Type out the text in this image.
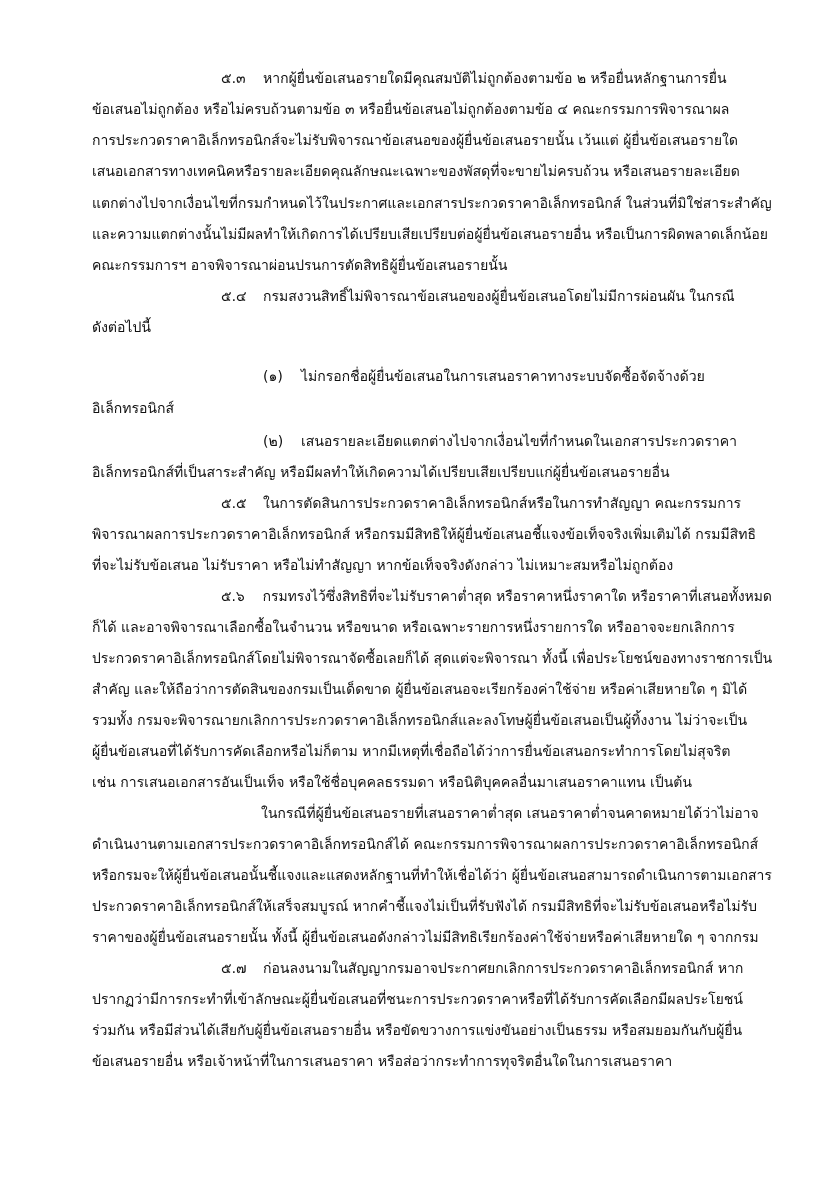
๕.๓ หากผู้ยื่นข้อเสนอรายใดมีคุณสมบัติไม่ถูกต้องตามข้อ ๒ หรือยื่นหลักฐานการยื่น
ข้อเสนอไม่ถูกต้อง หรือไม่ครบถ้วนตามข้อ ๓ หรือยื่นข้อเสนอไม่ถูกต้องตามข้อ ๔ คณะกรรมการพิจารณาผล
การประกวดราคาอิเล็กทรอนิกส์จะไม่รับพิจารณาข้อเสนอของผู้ยื่นข้อเสนอรายนั้น เว้นแต่ ผู้ยื่นข้อเสนอรายใด
เสนอเอกสารทางเทคนิคหรือรายละเอียดคุณลักษณะเฉพาะของพัสดุที่จะขายไม่ครบถ้วน หรือเสนอรายละเอียด
แตกต่างไปจากเงื่อนไขที่กรมกำหนดไว้ในประกาศและเอกสารประกวดราคาอิเล็กทรอนิกส์ ในส่วนที่มิใช่สาระสำคัญ
และความแตกต่างนั้นไม่มีผลทำให้เกิดการได้เปรียบเสียเปรียบต่อผู้ยื่นข้อเสนอรายอื่น หรือเป็นการผิดพลาดเล็กน้อย
คณะกรรมการฯ อาจพิจารณาผ่อนปรนการตัดสิทธิผู้ยื่นข้อเสนอรายนั้น
๕.๔ กรมสงวนสิทธิ์ไม่พิจารณาข้อเสนอของผู้ยื่นข้อเสนอโดยไม่มีการผ่อนผัน ในกรณี
ดังต่อไปนี้
(๑) ไม่กรอกชื่อผู้ยื่นข้อเสนอในการเสนอราคาทางระบบจัดซื้อจัดจ้างด้วย
อิเล็กทรอนิกส์
(๒) เสนอรายละเอียดแตกต่างไปจากเงื่อนไขที่กำหนดในเอกสารประกวดราคา
อิเล็กทรอนิกส์ที่เป็นสาระสำคัญ หรือมีผลทำให้เกิดความได้เปรียบเสียเปรียบแก่ผู้ยื่นข้อเสนอรายอื่น
๕.๕ ในการตัดสินการประกวดราคาอิเล็กทรอนิกส์หรือในการทำสัญญา คณะกรรมการ
พิจารณาผลการประกวดราคาอิเล็กทรอนิกส์ หรือกรมมีสิทธิให้ผู้ยื่นข้อเสนอชี้แจงข้อเท็จจริงเพิ่มเติมได้ กรมมีสิทธิ
ที่จะไม่รับข้อเสนอ ไม่รับราคา หรือไม่ทำสัญญา หากข้อเท็จจริงดังกล่าว ไม่เหมาะสมหรือไม่ถูกต้อง
๕.๖ กรมทรงไว้ซึ่งสิทธิที่จะไม่รับราคาต่ำสุด หรือราคาหนึ่งราคาใด หรือราคาที่เสนอทั้งหมด
ก็ได้ และอาจพิจารณาเลือกซื้อในจำนวน หรือขนาด หรือเฉพาะรายการหนึ่งรายการใด หรืออาจจะยกเลิกการ
ประกวดราคาอิเล็กทรอนิกส์โดยไม่พิจารณาจัดซื้อเลยก็ได้ สุดแต่จะพิจารณา ทั้งนี้ เพื่อประโยชน์ของทางราชการเป็น
สำคัญ และให้ถือว่าการตัดสินของกรมเป็นเด็ดขาด ผู้ยื่นข้อเสนอจะเรียกร้องค่าใช้จ่าย หรือค่าเสียหายใด ๆ มิได้
รวมทั้ง กรมจะพิจารณายกเลิกการประกวดราคาอิเล็กทรอนิกส์และลงโทษผู้ยื่นข้อเสนอเป็นผู้ทิ้งงาน ไม่ว่าจะเป็น
ผู้ยื่นข้อเสนอที่ได้รับการคัดเลือกหรือไม่ก็ตาม หากมีเหตุที่เชื่อถือได้ว่าการยื่นข้อเสนอกระทำการโดยไม่สุจริต
เช่น การเสนอเอกสารอันเป็นเท็จ หรือใช้ชื่อบุคคลธรรมดา หรือนิติบุคคลอื่นมาเสนอราคาแทน เป็นต้น
ในกรณีที่ผู้ยื่นข้อเสนอรายที่เสนอราคาต่ำสุด เสนอราคาต่ำจนคาดหมายได้ว่าไม่อาจ
ดำเนินงานตามเอกสารประกวดราคาอิเล็กทรอนิกส์ได้ คณะกรรมการพิจารณาผลการประกวดราคาอิเล็กทรอนิกส์
หรือกรมจะให้ผู้ยื่นข้อเสนอนั้นชี้แจงและแสดงหลักฐานที่ทำให้เชื่อได้ว่า ผู้ยื่นข้อเสนอสามารถดำเนินการตามเอกสาร
ประกวดราคาอิเล็กทรอนิกส์ให้เสร็จสมบูรณ์ หากคำชี้แจงไม่เป็นที่รับฟังได้ กรมมีสิทธิที่จะไม่รับข้อเสนอหรือไม่รับ
ราคาของผู้ยื่นข้อเสนอรายนั้น ทั้งนี้ ผู้ยื่นข้อเสนอดังกล่าวไม่มีสิทธิเรียกร้องค่าใช้จ่ายหรือค่าเสียหายใด ๆ จากกรม
๕.๗ ก่อนลงนามในสัญญากรมอาจประกาศยกเลิกการประกวดราคาอิเล็กทรอนิกส์ หาก
ปรากฏว่ามีการกระทำที่เข้าลักษณะผู้ยื่นข้อเสนอที่ชนะการประกวดราคาหรือที่ได้รับการคัดเลือกมีผลประโยชน์
ร่วมกัน หรือมีส่วนได้เสียกับผู้ยื่นข้อเสนอรายอื่น หรือขัดขวางการแข่งขันอย่างเป็นธรรม หรือสมยอมกันกับผู้ยื่น
ข้อเสนอรายอื่น หรือเจ้าหน้าที่ในการเสนอราคา หรือส่อว่ากระทำการทุจริตอื่นใดในการเสนอราคา
